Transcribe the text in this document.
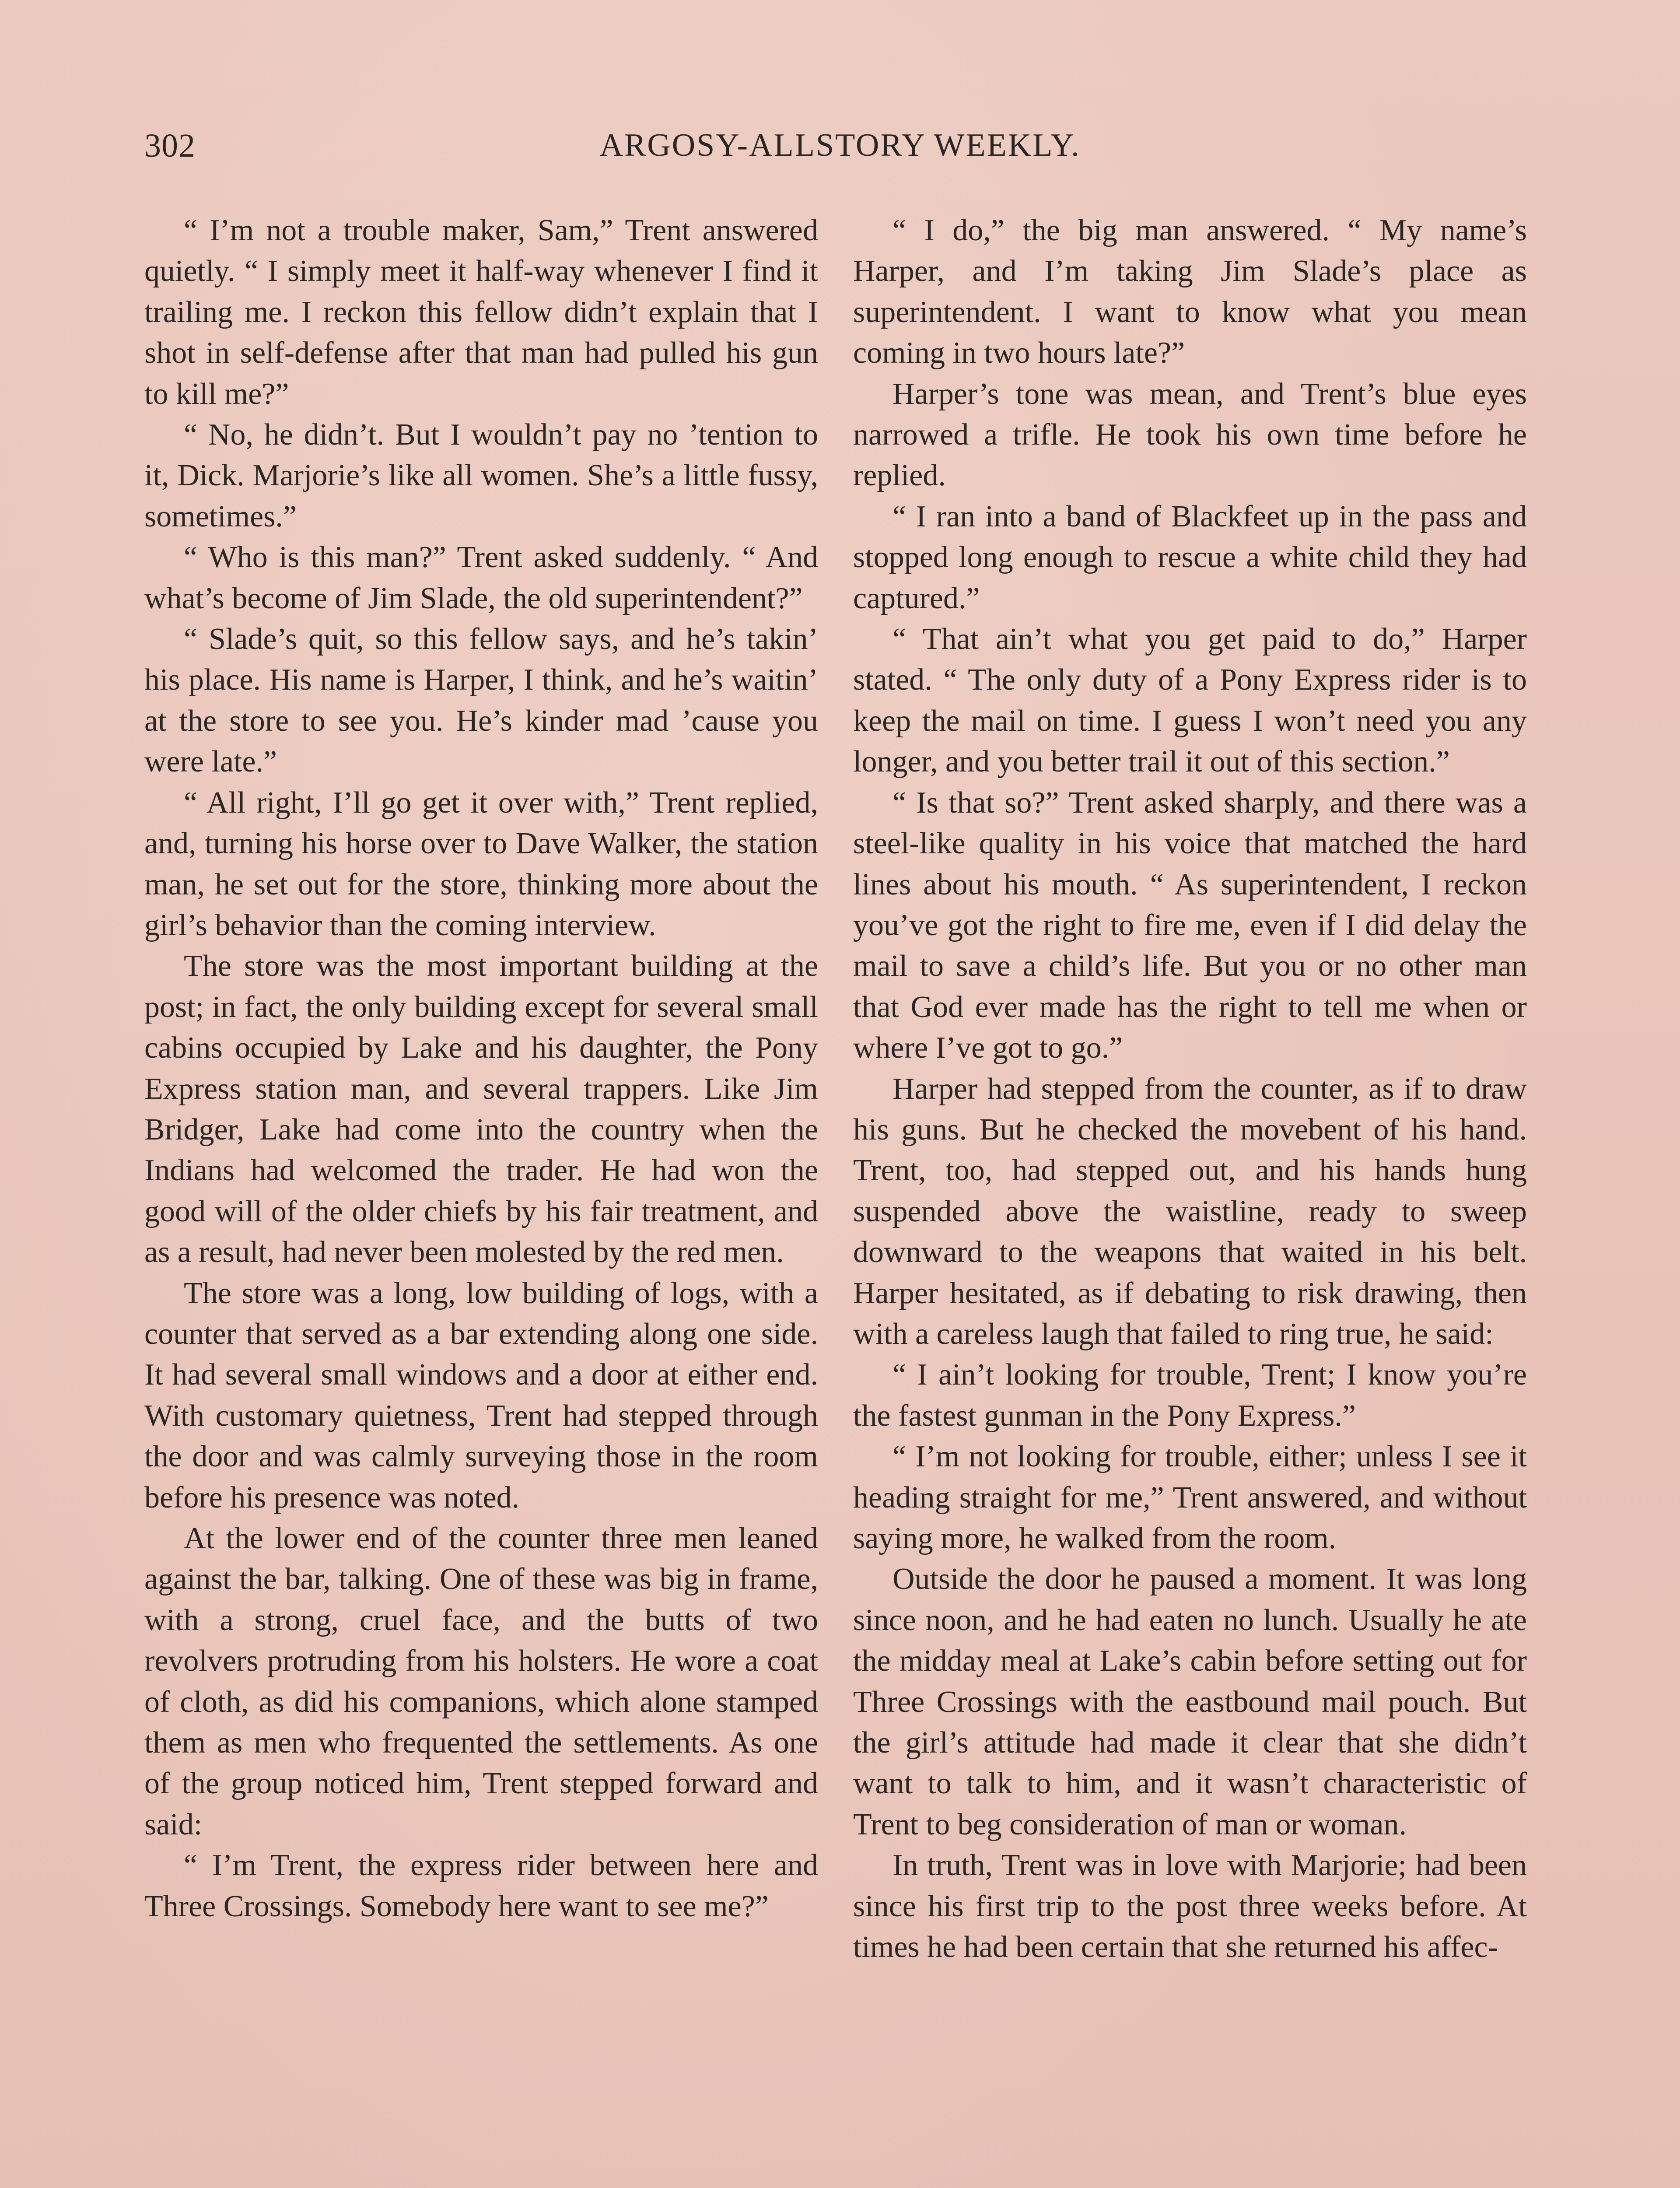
302	ARGOSY-ALLSTORY WEEKLY.

“ I’m not a trouble maker, Sam,” Trent answered quietly. “ I simply meet it half-way whenever I find it trailing me. I reckon this fellow didn’t explain that I shot in self-defense after that man had pulled his gun to kill me?”

“ No, he didn’t. But I wouldn’t pay no ’tention to it, Dick. Marjorie’s like all women. She’s a little fussy, sometimes.”

“ Who is this man?” Trent asked suddenly. “ And what’s become of Jim Slade, the old superintendent?”

“ Slade’s quit, so this fellow says, and he’s takin’ his place. His name is Harper, I think, and he’s waitin’ at the store to see you. He’s kinder mad ’cause you were late.”

“ All right, I’ll go get it over with,” Trent replied, and, turning his horse over to Dave Walker, the station man, he set out for the store, thinking more about the girl’s behavior than the coming interview.

The store was the most important building at the post; in fact, the only building except for several small cabins occupied by Lake and his daughter, the Pony Express station man, and several trappers. Like Jim Bridger, Lake had come into the country when the Indians had welcomed the trader. He had won the good will of the older chiefs by his fair treatment, and as a result, had never been molested by the red men.

The store was a long, low building of logs, with a counter that served as a bar extending along one side. It had several small windows and a door at either end. With customary quietness, Trent had stepped through the door and was calmly surveying those in the room before his presence was noted.

At the lower end of the counter three men leaned against the bar, talking. One of these was big in frame, with a strong, cruel face, and the butts of two revolvers protruding from his holsters. He wore a coat of cloth, as did his companions, which alone stamped them as men who frequented the settlements. As one of the group noticed him, Trent stepped forward and said:

“ I’m Trent, the express rider between here and Three Crossings. Somebody here want to see me?”

“ I do,” the big man answered. “ My name’s Harper, and I’m taking Jim Slade’s place as superintendent. I want to know what you mean coming in two hours late?”

Harper’s tone was mean, and Trent’s blue eyes narrowed a trifle. He took his own time before he replied.

“ I ran into a band of Blackfeet up in the pass and stopped long enough to rescue a white child they had captured.”

“ That ain’t what you get paid to do,” Harper stated. “ The only duty of a Pony Express rider is to keep the mail on time. I guess I won’t need you any longer, and you better trail it out of this section.”

“ Is that so?” Trent asked sharply, and there was a steel-like quality in his voice that matched the hard lines about his mouth. “ As superintendent, I reckon you’ve got the right to fire me, even if I did delay the mail to save a child’s life. But you or no other man that God ever made has the right to tell me when or where I’ve got to go.”

Harper had stepped from the counter, as if to draw his guns. But he checked the movebent of his hand. Trent, too, had stepped out, and his hands hung suspended above the waistline, ready to sweep downward to the weapons that waited in his belt. Harper hesitated, as if debating to risk drawing, then with a careless laugh that failed to ring true, he said:

“ I ain’t looking for trouble, Trent; I know you’re the fastest gunman in the Pony Express.”

“ I’m not looking for trouble, either; unless I see it heading straight for me,” Trent answered, and without saying more, he walked from the room.

Outside the door he paused a moment. It was long since noon, and he had eaten no lunch. Usually he ate the midday meal at Lake’s cabin before setting out for Three Crossings with the eastbound mail pouch. But the girl’s attitude had made it clear that she didn’t want to talk to him, and it wasn’t characteristic of Trent to beg consideration of man or woman.

In truth, Trent was in love with Marjorie; had been since his first trip to the post three weeks before. At times he had been certain that she returned his affec-
